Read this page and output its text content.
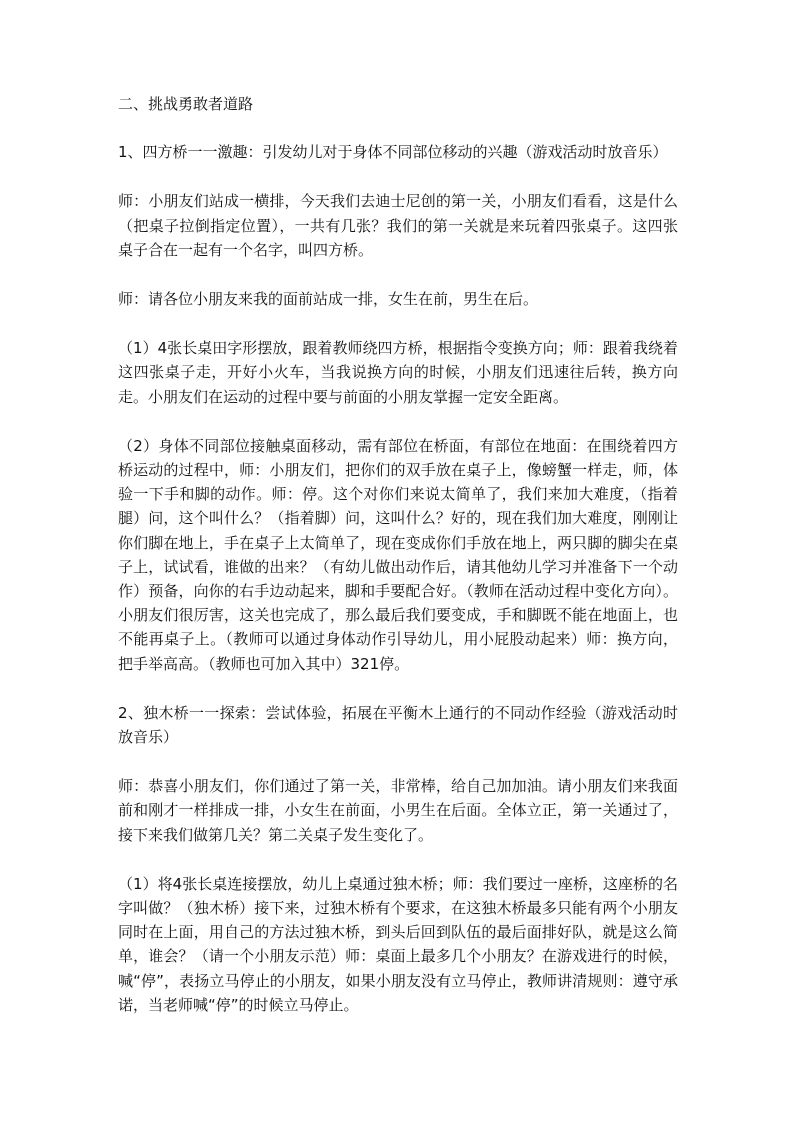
二、挑战勇敢者道路

1、四方桥一一激趣：引发幼儿对于身体不同部位移动的兴趣（游戏活动时放音乐）

师：小朋友们站成一横排，今天我们去迪士尼创的第一关，小朋友们看看，这是什么（把桌子拉倒指定位置），一共有几张？我们的第一关就是来玩着四张桌子。这四张桌子合在一起有一个名字，叫四方桥。

师：请各位小朋友来我的面前站成一排，女生在前，男生在后。

（1）4张长桌田字形摆放，跟着教师绕四方桥，根据指令变换方向；师：跟着我绕着这四张桌子走，开好小火车，当我说换方向的时候，小朋友们迅速往后转，换方向走。小朋友们在运动的过程中要与前面的小朋友掌握一定安全距离。

（2）身体不同部位接触桌面移动，需有部位在桥面，有部位在地面：在围绕着四方桥运动的过程中，师：小朋友们，把你们的双手放在桌子上，像螃蟹一样走，师，体验一下手和脚的动作。师：停。这个对你们来说太简单了，我们来加大难度，（指着腿）问，这个叫什么？（指着脚）问，这叫什么？好的，现在我们加大难度，刚刚让你们脚在地上，手在桌子上太简单了，现在变成你们手放在地上，两只脚的脚尖在桌子上，试试看，谁做的出来？（有幼儿做出动作后，请其他幼儿学习并准备下一个动作）预备，向你的右手边动起来，脚和手要配合好。（教师在活动过程中变化方向）。小朋友们很厉害，这关也完成了，那么最后我们要变成，手和脚既不能在地面上，也不能再桌子上。（教师可以通过身体动作引导幼儿，用小屁股动起来）师：换方向，把手举高高。（教师也可加入其中）321停。

2、独木桥一一探索：尝试体验，拓展在平衡木上通行的不同动作经验（游戏活动时放音乐）

师：恭喜小朋友们，你们通过了第一关，非常棒，给自己加加油。请小朋友们来我面前和刚才一样排成一排，小女生在前面，小男生在后面。全体立正，第一关通过了，接下来我们做第几关？第二关桌子发生变化了。

（1）将4张长桌连接摆放，幼儿上桌通过独木桥；师：我们要过一座桥，这座桥的名字叫做？（独木桥）接下来，过独木桥有个要求，在这独木桥最多只能有两个小朋友同时在上面，用自己的方法过独木桥，到头后回到队伍的最后面排好队，就是这么简单，谁会？（请一个小朋友示范）师：桌面上最多几个小朋友？在游戏进行的时候，喊“停”，表扬立马停止的小朋友，如果小朋友没有立马停止，教师讲清规则：遵守承诺，当老师喊“停”的时候立马停止。
